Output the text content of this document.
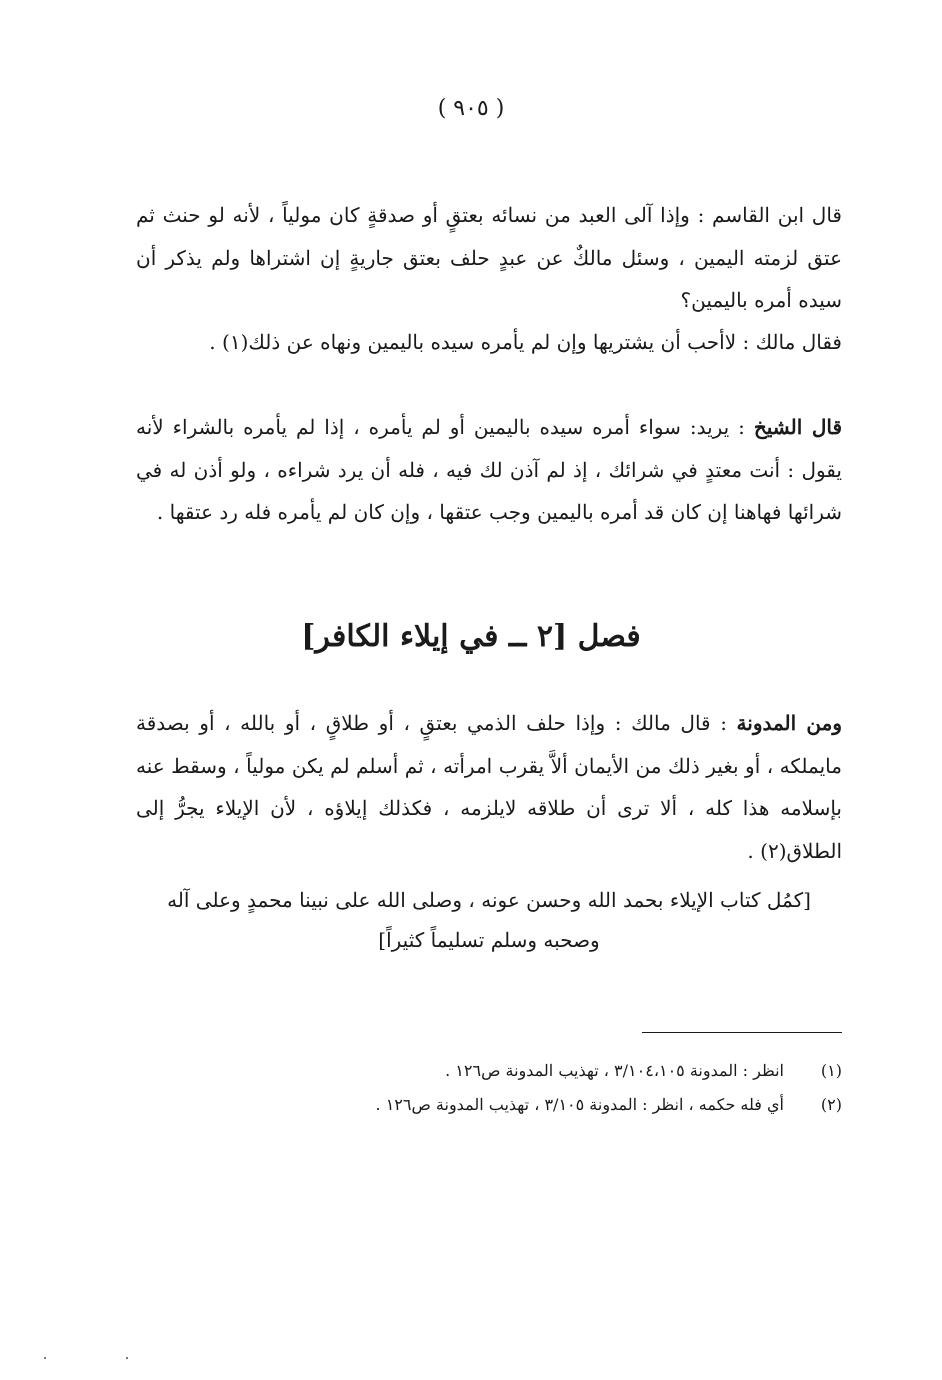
( ٩٠٥ )

قال ابن القاسم : وإذا آلى العبد من نسائه بعتقٍ أو صدقةٍ كان مولياً ، لأنه لو حنث ثم عتق لزمته اليمين ، وسئل مالكٌ عن عبدٍ حلف بعتق جاريةٍ إن اشتراها ولم يذكر أن سيده أمره باليمين؟

فقال مالك : لاأحب أن يشتريها وإن لم يأمره سيده باليمين ونهاه عن ذلك(١) .

قال الشيخ : يريد: سواء أمره سيده باليمين أو لم يأمره ، إذا لم يأمره بالشراء لأنه يقول : أنت معتدٍ في شرائك ، إذ لم آذن لك فيه ، فله أن يرد شراءه ، ولو أذن له في شرائها فهاهنا إن كان قد أمره باليمين وجب عتقها ، وإن كان لم يأمره فله رد عتقها .

فصل [٢ ــ في إيلاء الكافر]

ومن المدونة : قال مالك : وإذا حلف الذمي بعتقٍ ، أو طلاقٍ ، أو بالله ، أو بصدقة مايملكه ، أو بغير ذلك من الأيمان ألاَّ يقرب امرأته ، ثم أسلم لم يكن مولياً ، وسقط عنه بإسلامه هذا كله ، ألا ترى أن طلاقه لايلزمه ، فكذلك إيلاؤه ، لأن الإيلاء يجرُّ إلى الطلاق(٢) .

[كمُل كتاب الإيلاء بحمد الله وحسن عونه ، وصلى الله على نبينا محمدٍ وعلى آله

وصحبه وسلم تسليماً كثيراً]

(١)
انظر : المدونة ٣/١٠٤،١٠٥ ، تهذيب المدونة ص١٢٦ .
(٢)
أي فله حكمه ، انظر : المدونة ٣/١٠٥ ، تهذيب المدونة ص١٢٦ .
